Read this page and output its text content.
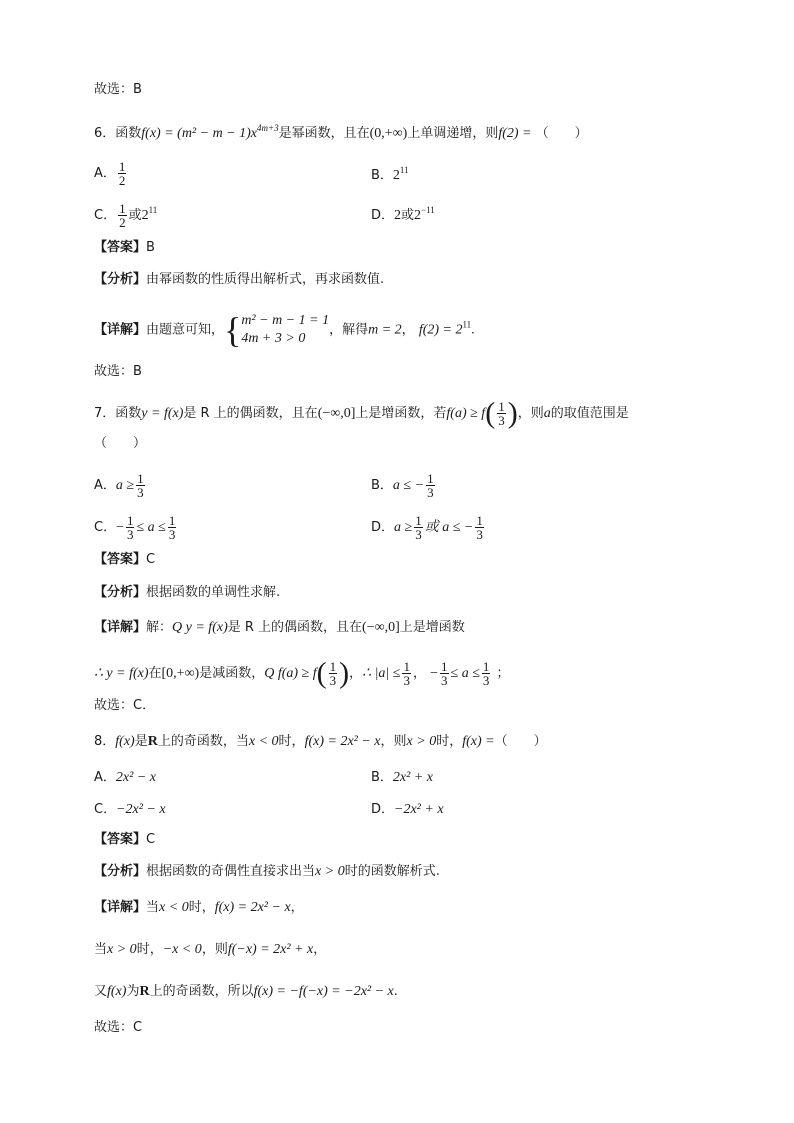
故选：B
6．函数$f(x) = (m^2 - m - 1)x^{4m+3}$是幂函数，且在(0,+∞)上单调递增，则f(2) = （　　）
A． $\frac{1}{2}$	B．$2^{11}$
C． $\frac{1}{2}$ 或$2^{11}$	D．2或$2^{-11}$
【答案】B
【分析】由幂函数的性质得出解析式，再求函数值.
【详解】由题意可知，{ m² − m − 1 = 1
4m + 3 > 0
，解得m = 2， $f(2) = 2^{11}$.
故选：B
7．函数y = f(x)是 R 上的偶函数，且在(−∞,0]上是增函数，若$f(a) \ge f( \frac{1}{3}$ )，则a的取值范围是
（　　）
A．$a \ge \frac{1}{3}$	B．a ≤ − $\frac{1}{3}$
C．− $\frac{1}{3} \le a \le \frac{1}{3}$	D．$a \ge \frac{1}{3}$ 或 a ≤ − $\frac{1}{3}$
【答案】C
【分析】根据函数的单调性求解.
【详解】解：Q y = f(x)是 R 上的偶函数，且在(−∞,0]上是增函数
∴ y = f(x)在[0,+∞)是减函数，Q $f(a) \ge f( \frac{1}{3}$ )，∴ $|a| \le \frac{1}{3}$ ， − $\frac{1}{3} \le a \le \frac{1}{3}$ ；
故选：C．
8．f(x)是R上的奇函数，当x < 0时，f(x) = 2x² − x，则x > 0时，f(x) =（　　）
A．2x² − x	B．2x² + x
C．−2x² − x	D．−2x² + x
【答案】C
【分析】根据函数的奇偶性直接求出当x > 0时的函数解析式.
【详解】当x < 0时，f(x) = 2x² − x，
当x > 0时，−x < 0，则f(−x) = 2x² + x，
又f(x)为R上的奇函数，所以f(x) = −f(−x) = −2x² − x.
故选：C
